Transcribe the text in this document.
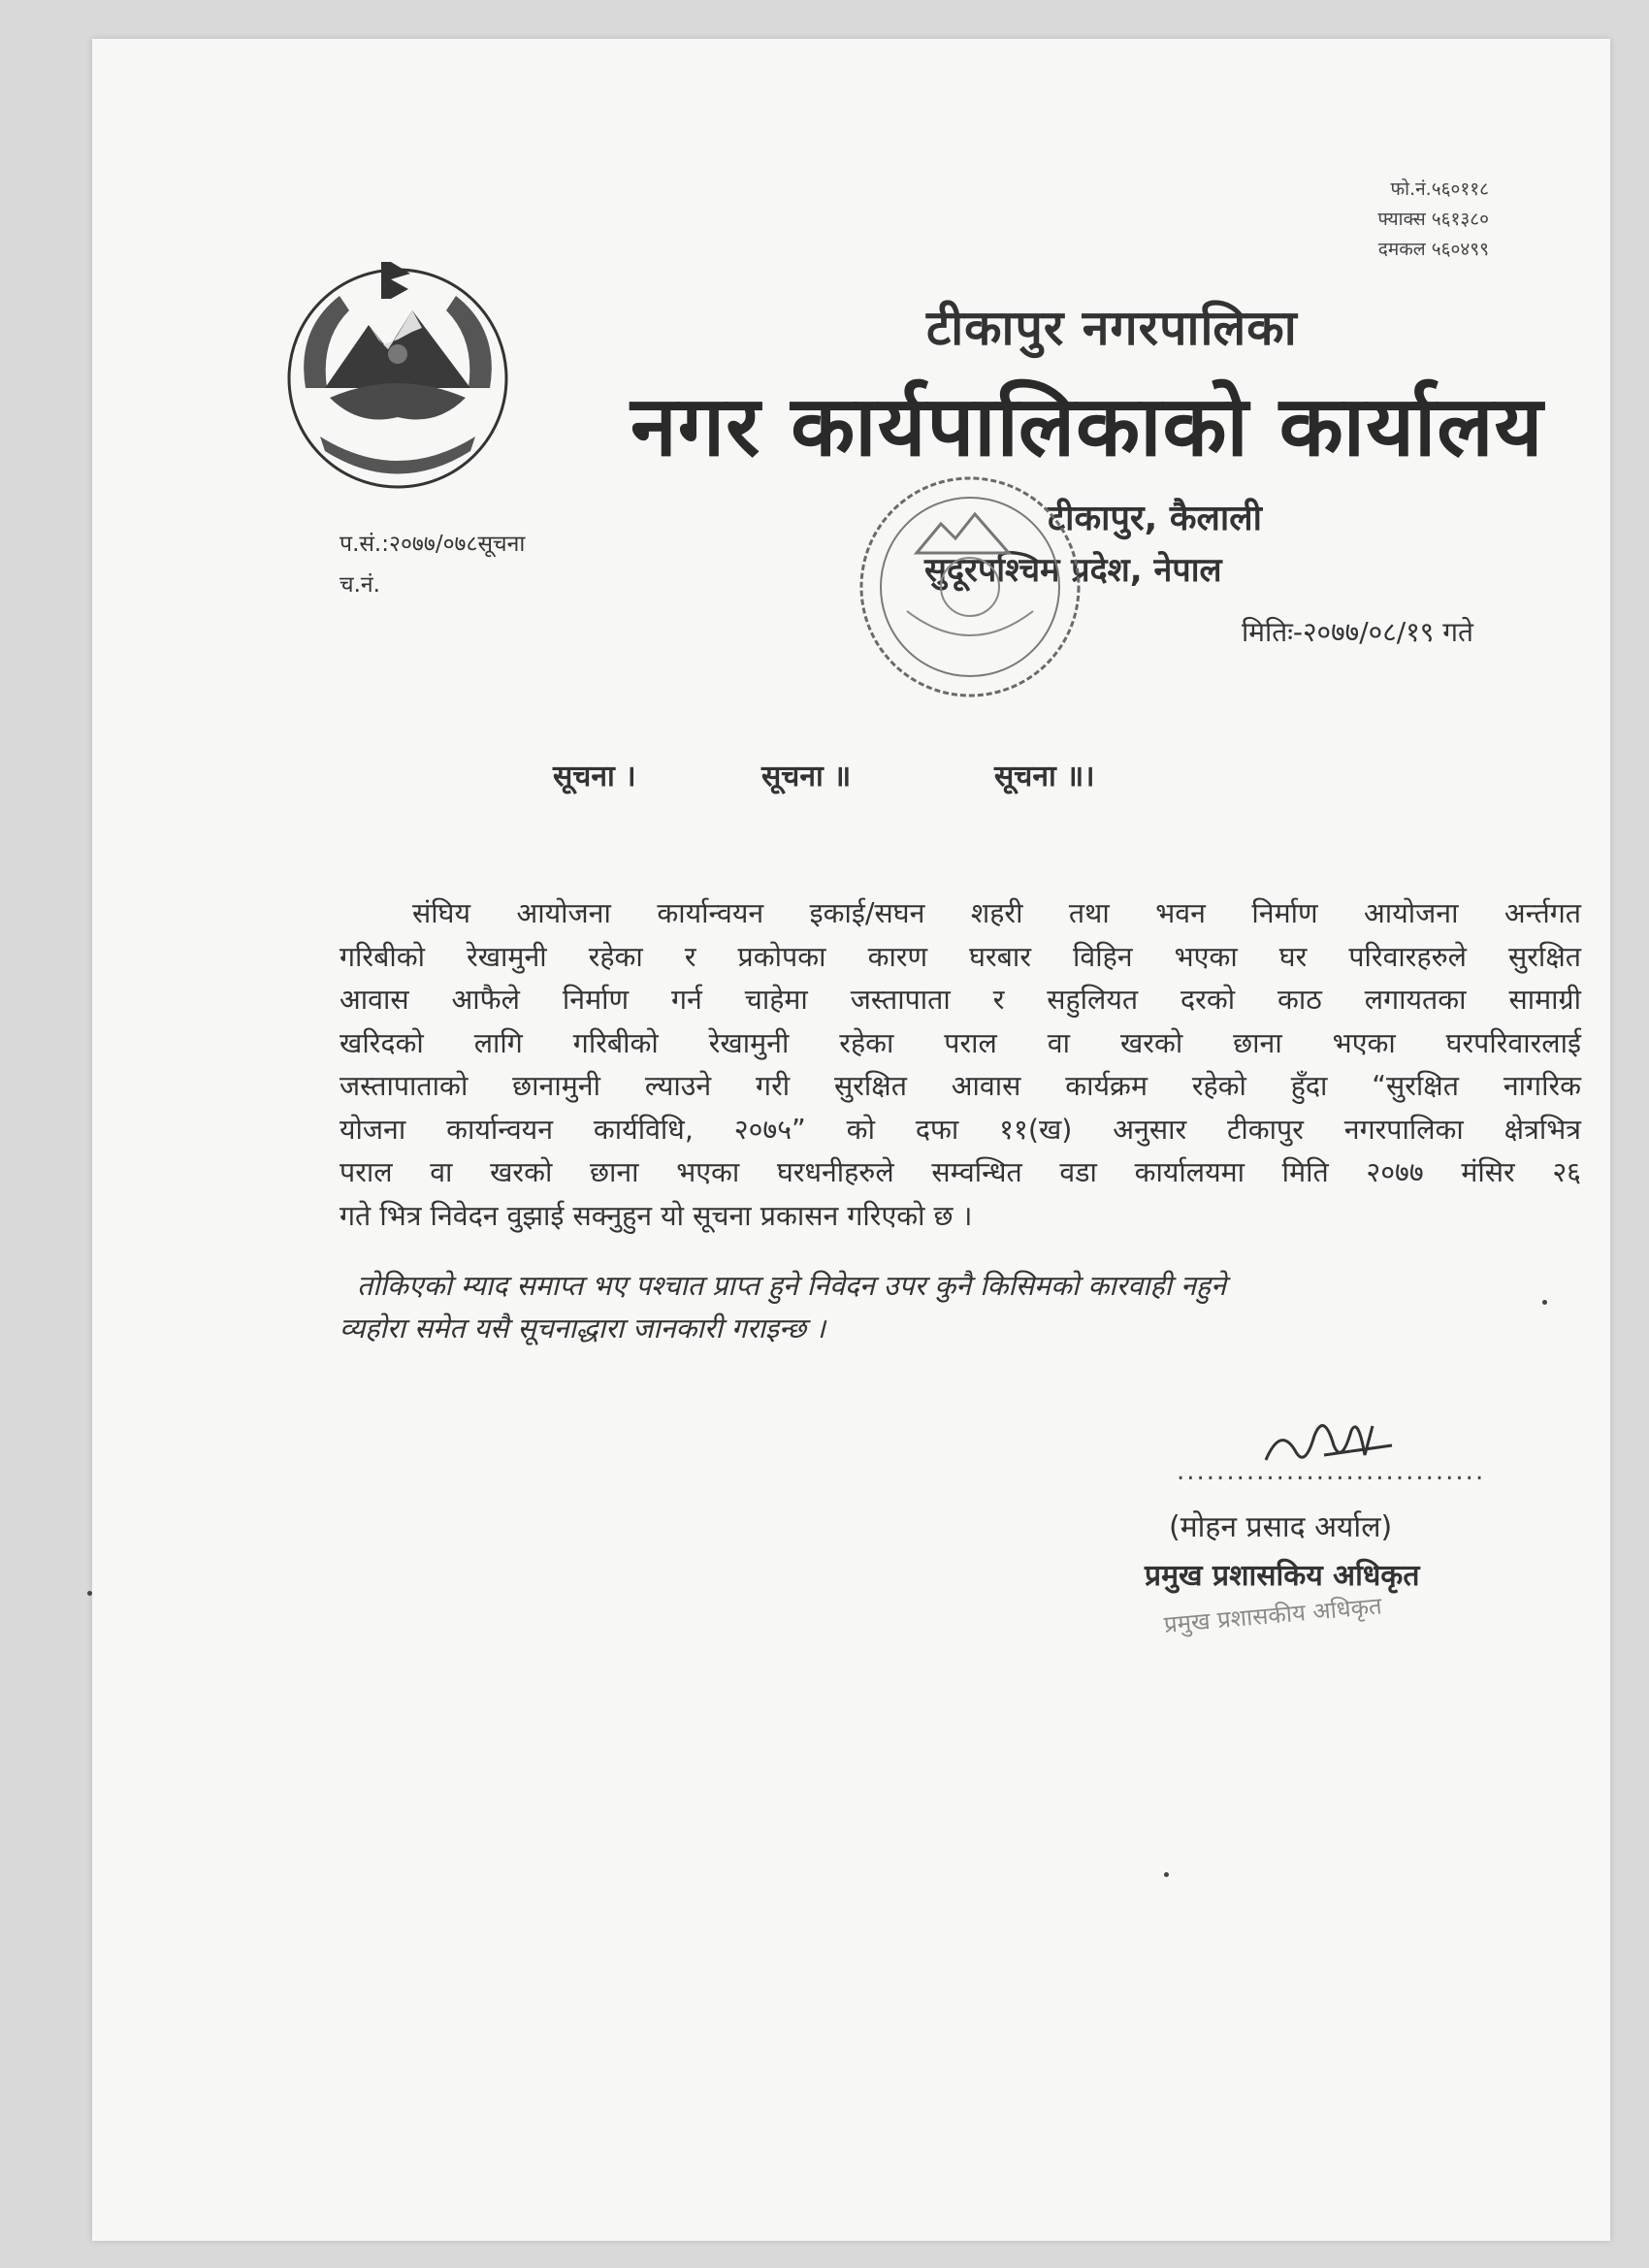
फो.नं.५६०११८
फ्याक्स ५६१३८०
दमकल ५६०४९९
टीकापुर नगरपालिका
नगर कार्यपालिकाको कार्यालय
टीकापुर, कैलाली
सुदूरपश्चिम प्रदेश, नेपाल
प.सं.:२०७७/०७८सूचना
च.नं.
मितिः-२०७७/०८/१९ गते
सूचना ।	सूचना ॥	सूचना ॥।
संघिय आयोजना कार्यान्वयन इकाई/सघन शहरी तथा भवन निर्माण आयोजना अर्न्तगत
गरिबीको रेखामुनी रहेका र प्रकोपका कारण घरबार विहिन भएका घर परिवारहरुले सुरक्षित
आवास आफैले निर्माण गर्न चाहेमा जस्तापाता र सहुलियत दरको काठ लगायतका सामाग्री
खरिदको लागि गरिबीको रेखामुनी रहेका पराल वा खरको छाना भएका घरपरिवारलाई
जस्तापाताको छानामुनी ल्याउने गरी सुरक्षित आवास कार्यक्रम रहेको हुँदा “सुरक्षित नागरिक
योजना कार्यान्वयन कार्यविधि, २०७५” को दफा ११(ख) अनुसार टीकापुर नगरपालिका क्षेत्रभित्र
पराल वा खरको छाना भएका घरधनीहरुले सम्वन्धित वडा कार्यालयमा मिति २०७७ मंसिर २६
गते भित्र निवेदन वुझाई सक्नुहुन यो सूचना प्रकासन गरिएको छ ।
तोकिएको म्याद समाप्त भए पश्चात प्राप्त हुने निवेदन उपर कुनै किसिमको कारवाही नहुने
व्यहोरा समेत यसै सूचनाद्धारा जानकारी गराइन्छ ।
...............................
(मोहन प्रसाद अर्याल)
प्रमुख प्रशासकिय अधिकृत
प्रमुख प्रशासकीय अधिकृत
